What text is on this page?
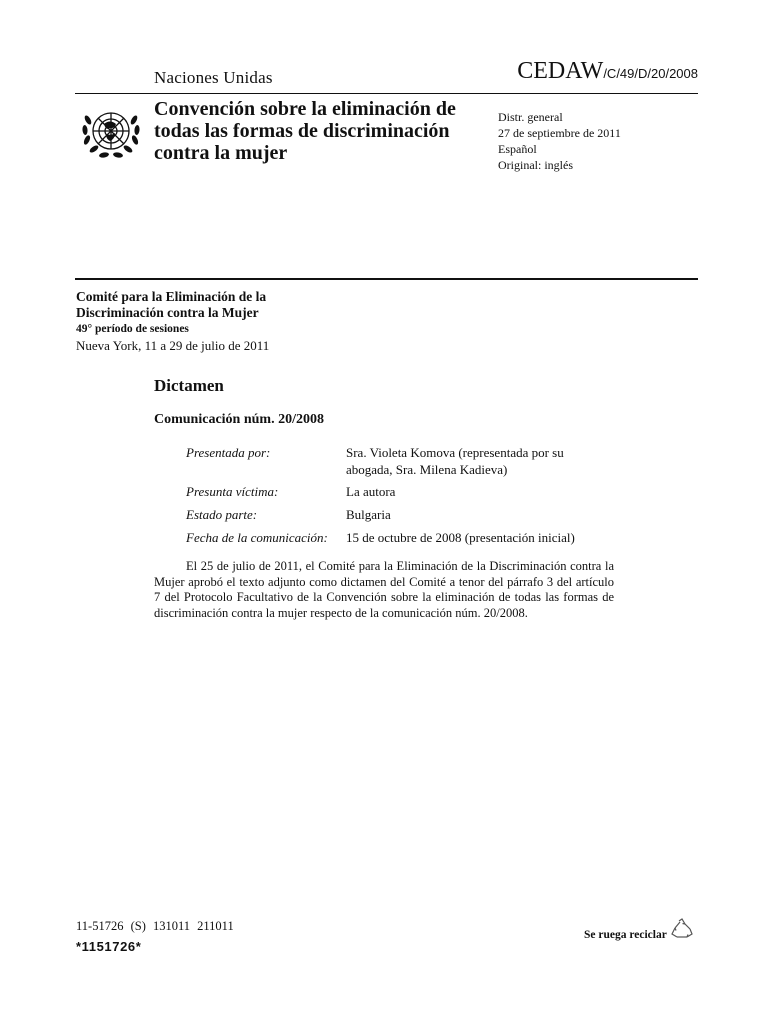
Naciones Unidas	CEDAW/C/49/D/20/2008
Convención sobre la eliminación de
todas las formas de discriminación
contra la mujer
Distr. general
27 de septiembre de 2011
Español
Original: inglés
Comité para la Eliminación de la
Discriminación contra la Mujer
49° período de sesiones
Nueva York, 11 a 29 de julio de 2011
Dictamen
Comunicación núm. 20/2008
Presentada por:	Sra. Violeta Komova (representada por su abogada, Sra. Milena Kadieva)
Presunta víctima:	La autora
Estado parte:	Bulgaria
Fecha de la comunicación: 15 de octubre de 2008 (presentación inicial)
El 25 de julio de 2011, el Comité para la Eliminación de la Discriminación contra la Mujer aprobó el texto adjunto como dictamen del Comité a tenor del párrafo 3 del artículo 7 del Protocolo Facultativo de la Convención sobre la eliminación de todas las formas de discriminación contra la mujer respecto de la comunicación núm. 20/2008.
11-51726 (S) 131011 211011
*1151726*
Se ruega reciclar
